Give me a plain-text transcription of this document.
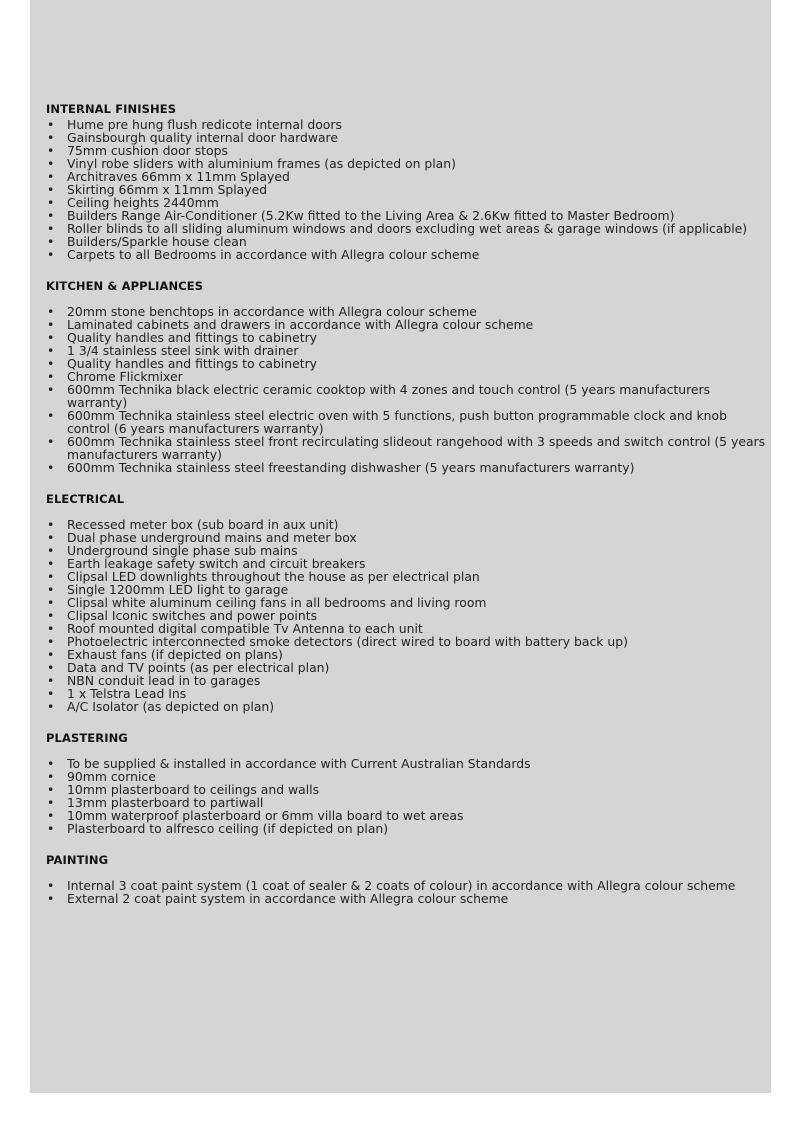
INTERNAL FINISHES
• Hume pre hung flush redicote internal doors
• Gainsbourgh quality internal door hardware
• 75mm cushion door stops
• Vinyl robe sliders with aluminium frames (as depicted on plan)
• Architraves 66mm x 11mm Splayed
• Skirting 66mm x 11mm Splayed
• Ceiling heights 2440mm
• Builders Range Air-Conditioner (5.2Kw fitted to the Living Area & 2.6Kw fitted to Master Bedroom)
• Roller blinds to all sliding aluminum windows and doors excluding wet areas & garage windows (if applicable)
• Builders/Sparkle house clean
• Carpets to all Bedrooms in accordance with Allegra colour scheme
KITCHEN & APPLIANCES
• 20mm stone benchtops in accordance with Allegra colour scheme
• Laminated cabinets and drawers in accordance with Allegra colour scheme
• Quality handles and fittings to cabinetry
• 1 3/4 stainless steel sink with drainer
• Quality handles and fittings to cabinetry
• Chrome Flickmixer
• 600mm Technika black electric ceramic cooktop with 4 zones and touch control (5 years manufacturers warranty)
• 600mm Technika stainless steel electric oven with 5 functions, push button programmable clock and knob control (6 years manufacturers warranty)
• 600mm Technika stainless steel front recirculating slideout rangehood with 3 speeds and switch control (5 years manufacturers warranty)
• 600mm Technika stainless steel freestanding dishwasher (5 years manufacturers warranty)
ELECTRICAL
• Recessed meter box (sub board in aux unit)
• Dual phase underground mains and meter box
• Underground single phase sub mains
• Earth leakage safety switch and circuit breakers
• Clipsal LED downlights throughout the house as per electrical plan
• Single 1200mm LED light to garage
• Clipsal white aluminum ceiling fans in all bedrooms and living room
• Clipsal Iconic switches and power points
• Roof mounted digital compatible Tv Antenna to each unit
• Photoelectric interconnected smoke detectors (direct wired to board with battery back up)
• Exhaust fans (if depicted on plans)
• Data and TV points (as per electrical plan)
• NBN conduit lead in to garages
• 1 x Telstra Lead Ins
• A/C Isolator (as depicted on plan)
PLASTERING
• To be supplied & installed in accordance with Current Australian Standards
• 90mm cornice
• 10mm plasterboard to ceilings and walls
• 13mm plasterboard to partiwall
• 10mm waterproof plasterboard or 6mm villa board to wet areas
• Plasterboard to alfresco ceiling (if depicted on plan)
PAINTING
• Internal 3 coat paint system (1 coat of sealer & 2 coats of colour) in accordance with Allegra colour scheme
• External 2 coat paint system in accordance with Allegra colour scheme
